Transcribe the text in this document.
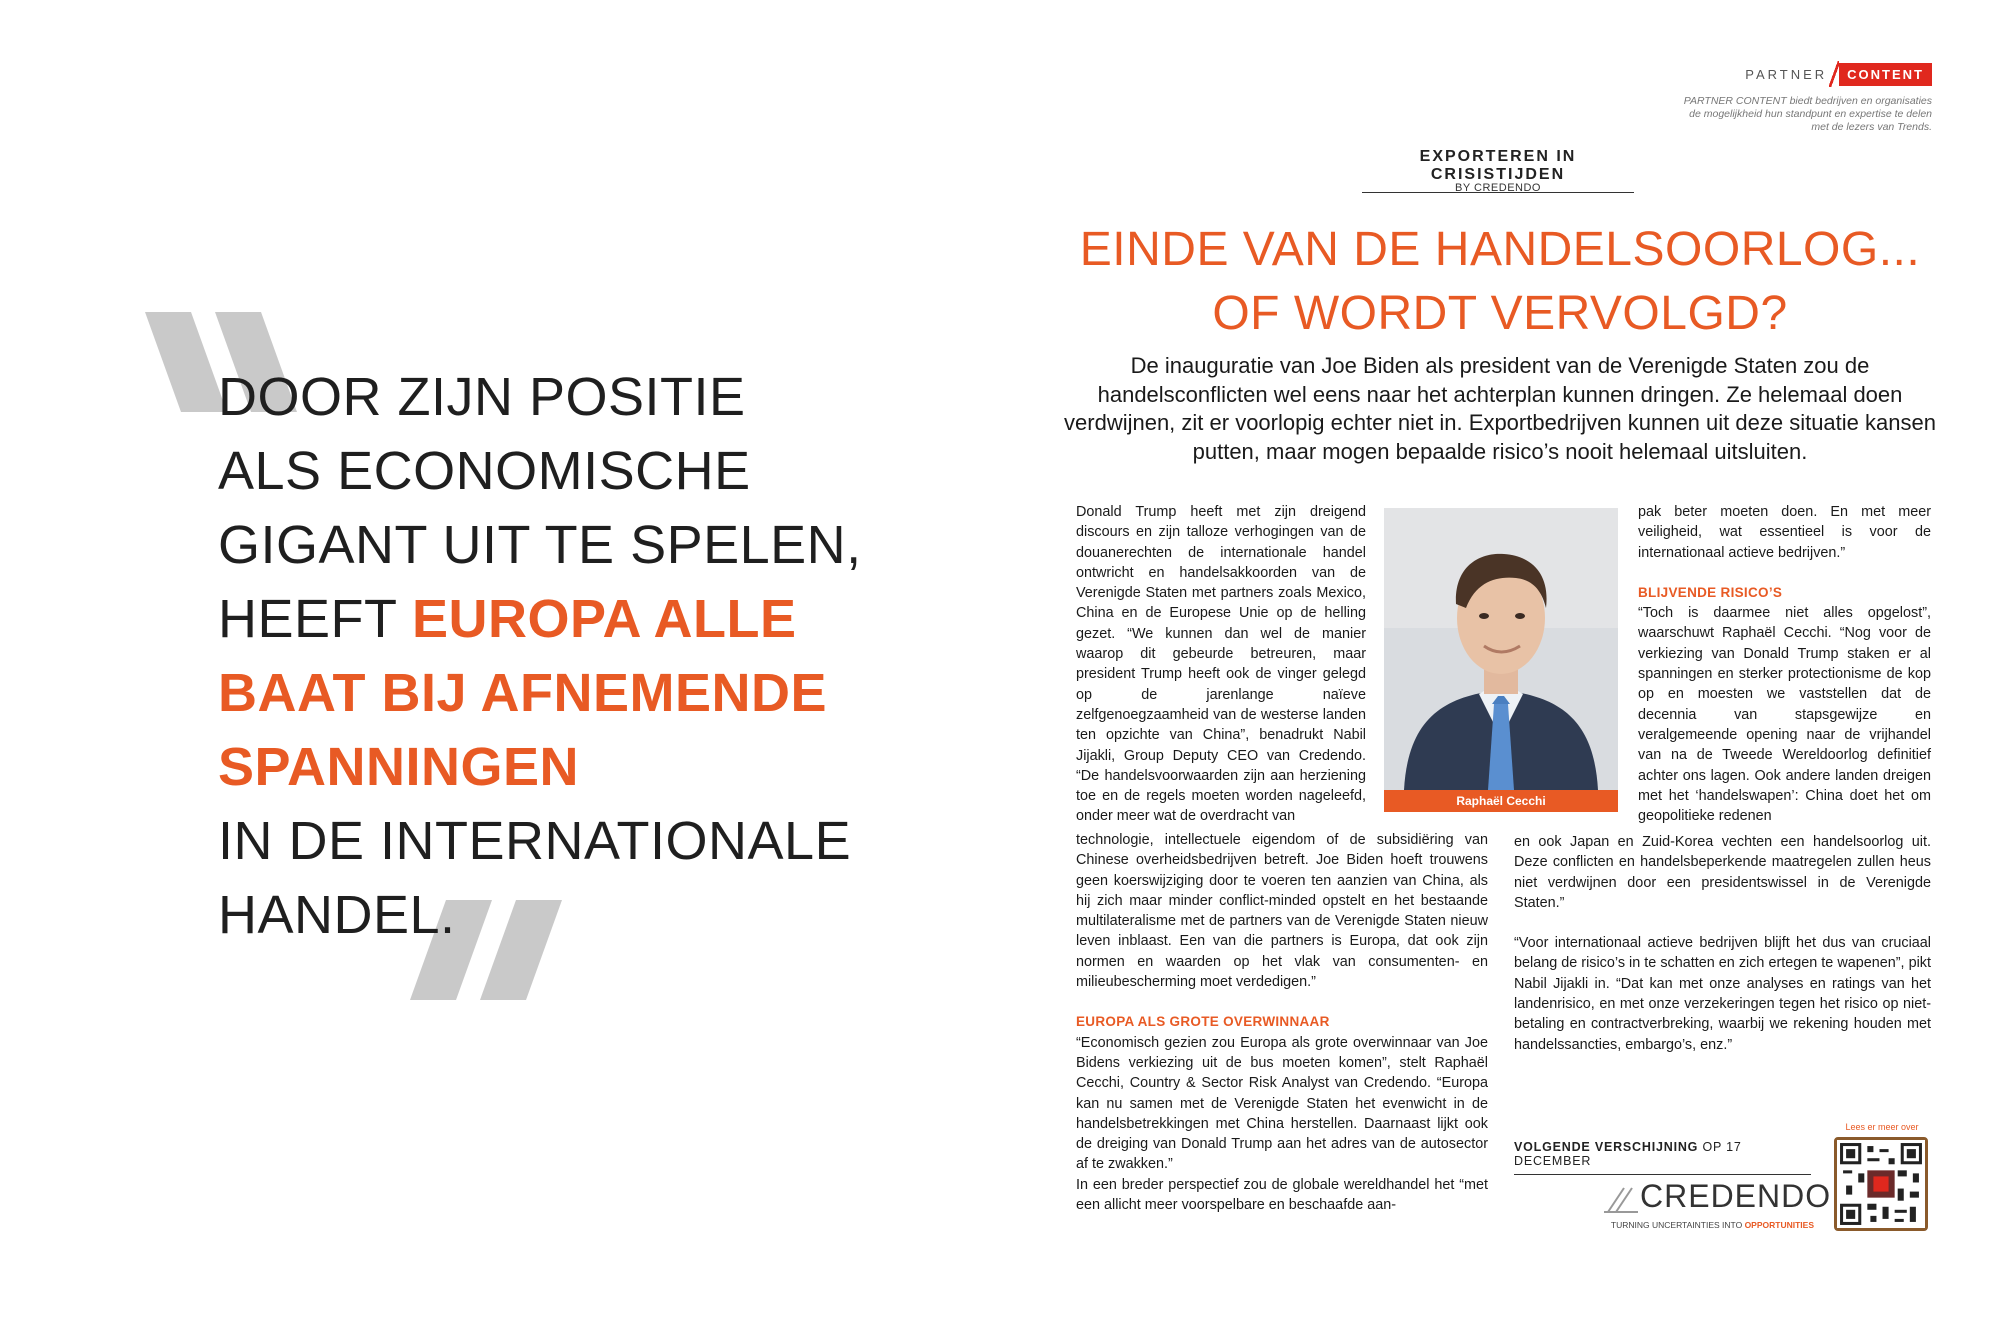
DOOR ZIJN POSITIE
ALS ECONOMISCHE
GIGANT UIT TE SPELEN,
HEEFT EUROPA ALLE
BAAT BIJ AFNEMENDE
SPANNINGEN
IN DE INTERNATIONALE
HANDEL.
PARTNER	CONTENT
PARTNER CONTENT biedt bedrijven en organisaties de mogelijkheid hun standpunt en expertise te delen met de lezers van Trends.
EXPORTEREN IN CRISISTIJDEN
BY CREDENDO
EINDE VAN DE HANDELSOORLOG...
OF WORDT VERVOLGD?
De inauguratie van Joe Biden als president van de Verenigde Staten zou de handelsconflicten wel eens naar het achterplan kunnen dringen. Ze helemaal doen verdwijnen, zit er voorlopig echter niet in. Exportbedrijven kunnen uit deze situatie kansen putten, maar mogen bepaalde risico’s nooit helemaal uitsluiten.

Donald Trump heeft met zijn dreigend discours en zijn talloze verhogingen van de douanerechten de internationale handel ontwricht en handelsakkoorden van de Verenigde Staten met partners zoals Mexico, China en de Europese Unie op de helling gezet. “We kunnen dan wel de manier waarop dit gebeurde betreuren, maar president Trump heeft ook de vinger gelegd op de jarenlange naïeve zelfgenoegzaamheid van de westerse landen ten opzichte van China”, benadrukt Nabil Jijakli, Group Deputy CEO van Credendo. “De handelsvoorwaarden zijn aan herziening toe en de regels moeten worden nageleefd, onder meer wat de overdracht van

Raphaël Cecchi

technologie, intellectuele eigendom of de subsidiëring van Chinese overheidsbedrijven betreft. Joe Biden hoeft trouwens geen koerswijziging door te voeren ten aanzien van China, als hij zich maar minder conflict-minded opstelt en het bestaande multilateralisme met de partners van de Verenigde Staten nieuw leven inblaast. Een van die partners is Europa, dat ook zijn normen en waarden op het vlak van consumenten- en milieubescherming moet verdedigen.”

EUROPA ALS GROTE OVERWINNAAR

“Economisch gezien zou Europa als grote overwinnaar van Joe Bidens verkiezing uit de bus moeten komen”, stelt Raphaël Cecchi, Country & Sector Risk Analyst van Credendo. “Europa kan nu samen met de Verenigde Staten het evenwicht in de handelsbetrekkingen met China herstellen. Daarnaast lijkt ook de dreiging van Donald Trump aan het adres van de autosector af te zwakken.”

In een breder perspectief zou de globale wereldhandel het “met een allicht meer voorspelbare en beschaafde aan-

pak beter moeten doen. En met meer veiligheid, wat essentieel is voor de internationaal actieve bedrijven.”

BLIJVENDE RISICO’S

“Toch is daarmee niet alles opgelost”, waarschuwt Raphaël Cecchi. “Nog voor de verkiezing van Donald Trump staken er al spanningen en sterker protectionisme de kop op en moesten we vaststellen dat de decennia van stapsgewijze en veralgemeende opening naar de vrijhandel van na de Tweede Wereldoorlog definitief achter ons lagen. Ook andere landen dreigen met het ‘handelswapen’: China doet het om geopolitieke redenen

en ook Japan en Zuid-Korea vechten een handelsoorlog uit. Deze conflicten en handelsbeperkende maatregelen zullen heus niet verdwijnen door een presidentswissel in de Verenigde Staten.”

“Voor internationaal actieve bedrijven blijft het dus van cruciaal belang de risico’s in te schatten en zich ertegen te wapenen”, pikt Nabil Jijakli in. “Dat kan met onze analyses en ratings van het landenrisico, en met onze verzekeringen tegen het risico op niet-betaling en contractverbreking, waarbij we rekening houden met handelssancties, embargo’s, enz.”

VOLGENDE VERSCHIJNING OP 17 DECEMBER
CREDENDO
TURNING UNCERTAINTIES INTO OPPORTUNITIES
Lees er meer over
